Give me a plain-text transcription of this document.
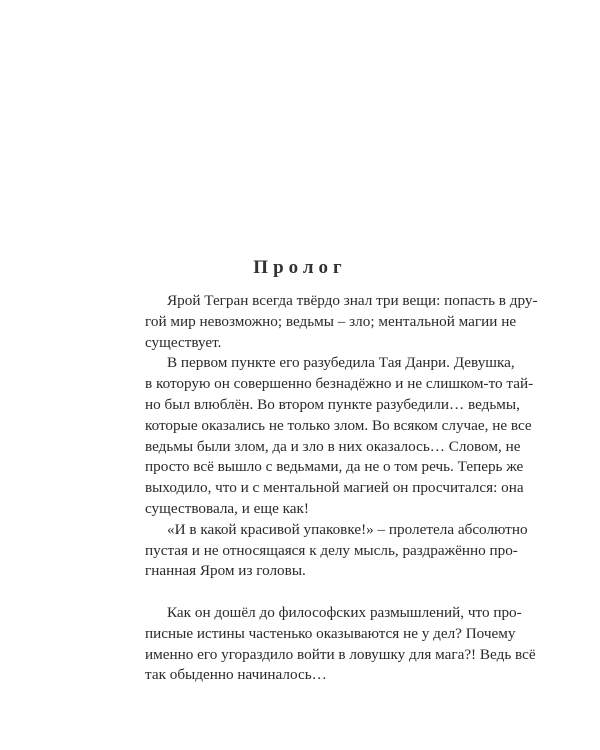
Пролог
Ярой Тегран всегда твёрдо знал три вещи: попасть в дру-
гой мир невозможно; ведьмы – зло; ментальной магии не
существует.
В первом пункте его разубедила Тая Данри. Девушка,
в которую он совершенно безнадёжно и не слишком-то тай-
но был влюблён. Во втором пункте разубедили… ведьмы,
которые оказались не только злом. Во всяком случае, не все
ведьмы были злом, да и зло в них оказалось… Словом, не
просто всё вышло с ведьмами, да не о том речь. Теперь же
выходило, что и с ментальной магией он просчитался: она
существовала, и еще как!
«И в какой красивой упаковке!» – пролетела абсолютно
пустая и не относящаяся к делу мысль, раздражённо про-
гнанная Яром из головы.
Как он дошёл до философских размышлений, что про-
писные истины частенько оказываются не у дел? Почему
именно его угораздило войти в ловушку для мага?! Ведь всё
так обыденно начиналось…
